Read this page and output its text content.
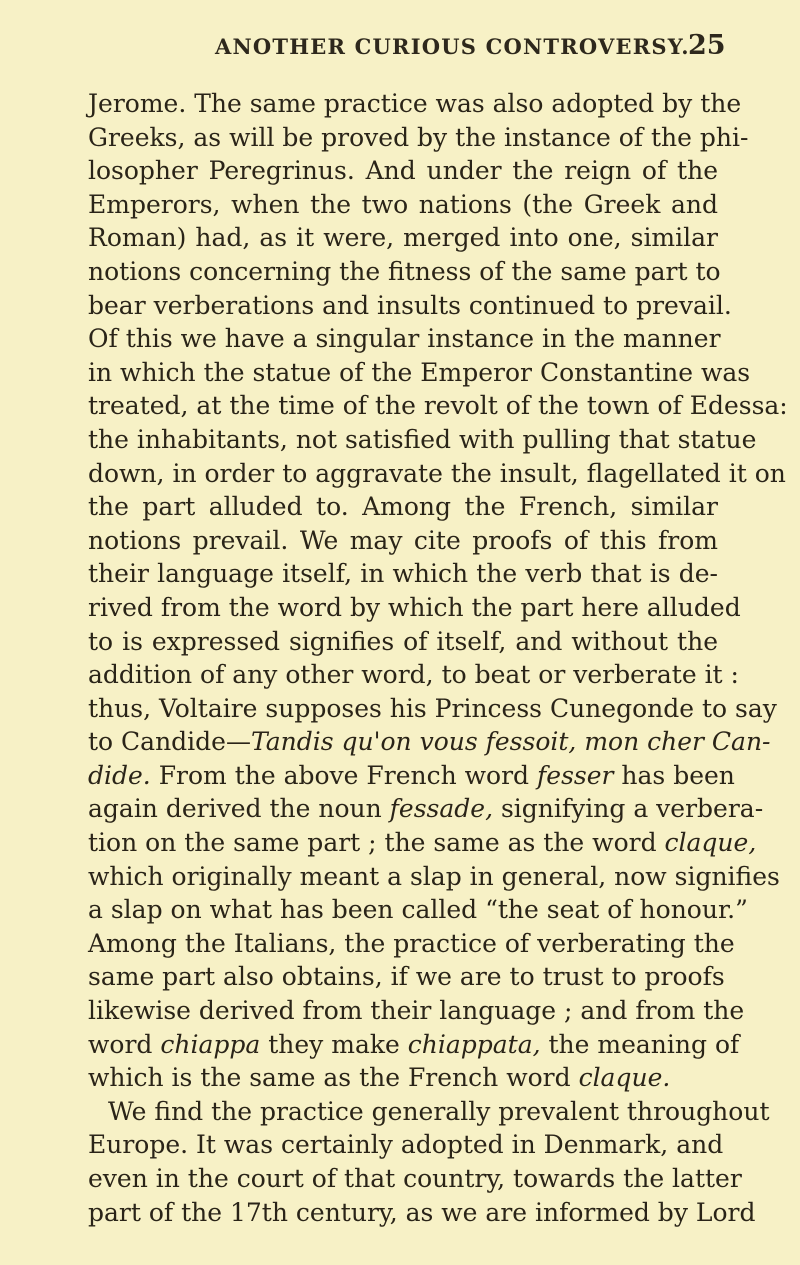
ANOTHER CURIOUS CONTROVERSY.
25
Jerome. The same practice was also adopted by the
Greeks, as will be proved by the instance of the phi-
losopher Peregrinus. And under the reign of the
Emperors, when the two nations (the Greek and
Roman) had, as it were, merged into one, similar
notions concerning the fitness of the same part to
bear verberations and insults continued to prevail.
Of this we have a singular instance in the manner
in which the statue of the Emperor Constantine was
treated, at the time of the revolt of the town of Edessa:
the inhabitants, not satisfied with pulling that statue
down, in order to aggravate the insult, flagellated it on
the part alluded to. Among the French, similar
notions prevail. We may cite proofs of this from
their language itself, in which the verb that is de-
rived from the word by which the part here alluded
to is expressed signifies of itself, and without the
addition of any other word, to beat or verberate it :
thus, Voltaire supposes his Princess Cunegonde to say
to Candide—Tandis qu'on vous fessoit, mon cher Can-
dide. From the above French word fesser has been
again derived the noun fessade, signifying a verbera-
tion on the same part ; the same as the word claque,
which originally meant a slap in general, now signifies
a slap on what has been called “the seat of honour.”
Among the Italians, the practice of verberating the
same part also obtains, if we are to trust to proofs
likewise derived from their language ; and from the
word chiappa they make chiappata, the meaning of
which is the same as the French word claque.
We find the practice generally prevalent throughout
Europe. It was certainly adopted in Denmark, and
even in the court of that country, towards the latter
part of the 17th century, as we are informed by Lord
